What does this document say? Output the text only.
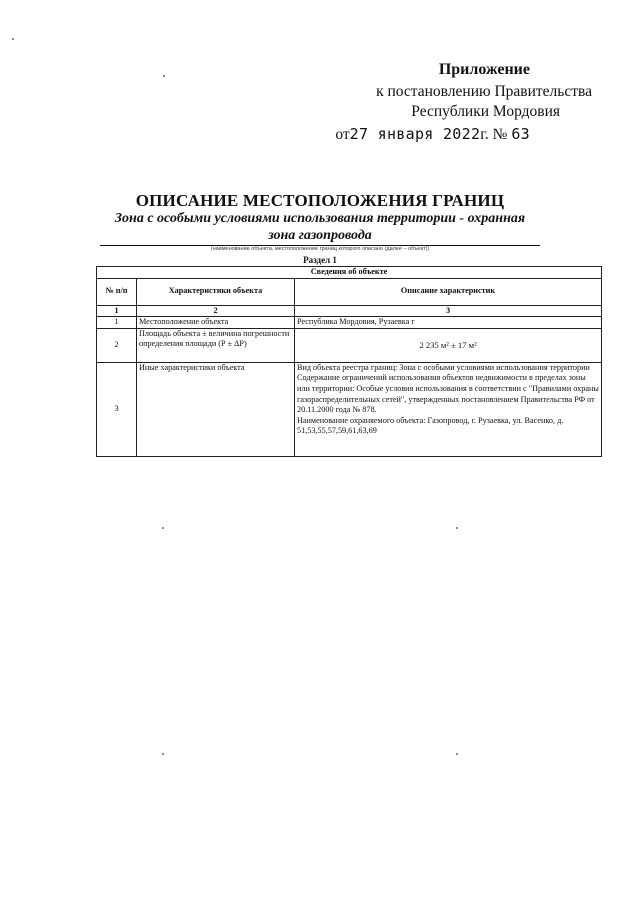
Приложение
к постановлению Правительства
Республики Мордовия
от27 января 2022г. № 63
ОПИСАНИЕ МЕСТОПОЛОЖЕНИЯ ГРАНИЦ
Зона с особыми условиями использования территории - охранная зона газопровода
(наименование объекта, местоположение границ которого описано (далее – объект))
Раздел 1
Сведения об объекте		
№ п/п	Характеристики объекта	Описание характеристик
1	2	3
1	Местоположение объекта	Республика Мордовия, Рузаевка г
2	Площадь объекта ± величина погрешности определения площади (Р ± ΔР)	2 235 м² ± 17 м²
3	Иные характеристики объекта	Вид объекта реестра границ: Зона с особыми условиями использования территории
Содержание ограничений использования объектов недвижимости в пределах зоны или территории: Особые условия использования в соответствии с "Правилами охраны газораспределительных сетей", утвержденных постановлением Правительства РФ от 20.11.2000 года № 878.
Наименование охраняемого объекта: Газопровод, г. Рузаевка, ул. Васенко, д. 51,53,55,57,59,61,63,69
